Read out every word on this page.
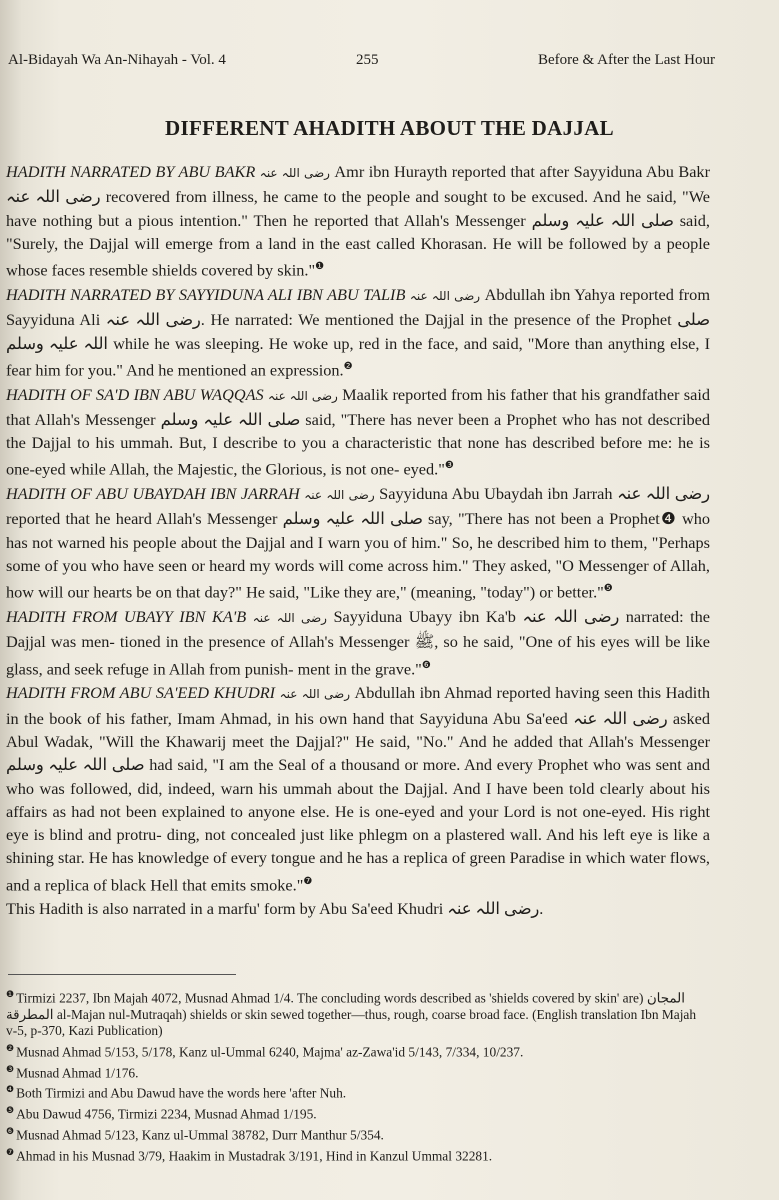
Al-Bidayah Wa An-Nihayah - Vol. 4	255	Before & After the Last Hour
DIFFERENT AHADITH ABOUT THE DAJJAL

HADITH NARRATED BY ABU BAKR رضی اللہ عنہ Amr ibn Hurayth reported that after Sayyiduna Abu Bakr رضی اللہ عنہ recovered from illness, he came to the people and sought to be excused. And he said, "We have nothing but a pious intention." Then he reported that Allah's Messenger صلی اللہ علیہ وسلم said, "Surely, the Dajjal will emerge from a land in the east called Khorasan. He will be followed by a people whose faces resemble shields covered by skin."$^❶$

HADITH NARRATED BY SAYYIDUNA ALI IBN ABU TALIB رضی اللہ عنہ Abdullah ibn Yahya reported from Sayyiduna Ali رضی اللہ عنہ. He narrated: We mentioned the Dajjal in the presence of the Prophet صلی اللہ علیہ وسلم while he was sleeping. He woke up, red in the face, and said, "More than anything else, I fear him for you." And he mentioned an expression.$^❷$

HADITH OF SA'D IBN ABU WAQQAS رضی اللہ عنہ Maalik reported from his father that his grandfather said that Allah's Messenger صلی اللہ علیہ وسلم said, "There has never been a Prophet who has not described the Dajjal to his ummah. But, I describe to you a characteristic that none has described before me: he is one-eyed while Allah, the Majestic, the Glorious, is not one- eyed."$^❸$

HADITH OF ABU UBAYDAH IBN JARRAH رضی اللہ عنہ Sayyiduna Abu Ubaydah ibn Jarrah رضی اللہ عنہ reported that he heard Allah's Messenger صلی اللہ علیہ وسلم say, "There has not been a Prophet❹ who has not warned his people about the Dajjal and I warn you of him." So, he described him to them, "Perhaps some of you who have seen or heard my words will come across him." They asked, "O Messenger of Allah, how will our hearts be on that day?" He said, "Like they are," (meaning, "today") or better."$^❺$

HADITH FROM UBAYY IBN KA'B رضی اللہ عنہ Sayyiduna Ubayy ibn Ka'b رضی اللہ عنہ narrated: the Dajjal was men- tioned in the presence of Allah's Messenger ﷺ, so he said, "One of his eyes will be like glass, and seek refuge in Allah from punish- ment in the grave."$^❻$

HADITH FROM ABU SA'EED KHUDRI رضی اللہ عنہ Abdullah ibn Ahmad reported having seen this Hadith in the book of his father, Imam Ahmad, in his own hand that Sayyiduna Abu Sa'eed رضی اللہ عنہ asked Abul Wadak, "Will the Khawarij meet the Dajjal?" He said, "No." And he added that Allah's Messenger صلی اللہ علیہ وسلم had said, "I am the Seal of a thousand or more. And every Prophet who was sent and who was followed, did, indeed, warn his ummah about the Dajjal. And I have been told clearly about his affairs as had not been explained to anyone else. He is one-eyed and your Lord is not one-eyed. His right eye is blind and protru- ding, not concealed just like phlegm on a plastered wall. And his left eye is like a shining star. He has knowledge of every tongue and he has a replica of green Paradise in which water flows, and a replica of black Hell that emits smoke."$^❼$

This Hadith is also narrated in a marfu' form by Abu Sa'eed Khudri رضی اللہ عنہ.

$^❶$ Tirmizi 2237, Ibn Majah 4072, Musnad Ahmad 1/4. The concluding words described as 'shields covered by skin' are) المجان المطرقة al-Majan nul-Mutraqah) shields or skin sewed together—thus, rough, coarse broad face. (English translation Ibn Majah v-5, p-370, Kazi Publication)
$^❷$ Musnad Ahmad 5/153, 5/178, Kanz ul-Ummal 6240, Majma' az-Zawa'id 5/143, 7/334, 10/237.
$^❸$ Musnad Ahmad 1/176.
$^❹$ Both Tirmizi and Abu Dawud have the words here 'after Nuh.
$^❺$ Abu Dawud 4756, Tirmizi 2234, Musnad Ahmad 1/195.
$^❻$ Musnad Ahmad 5/123, Kanz ul-Ummal 38782, Durr Manthur 5/354.
$^❼$ Ahmad in his Musnad 3/79, Haakim in Mustadrak 3/191, Hind in Kanzul Ummal 32281.
